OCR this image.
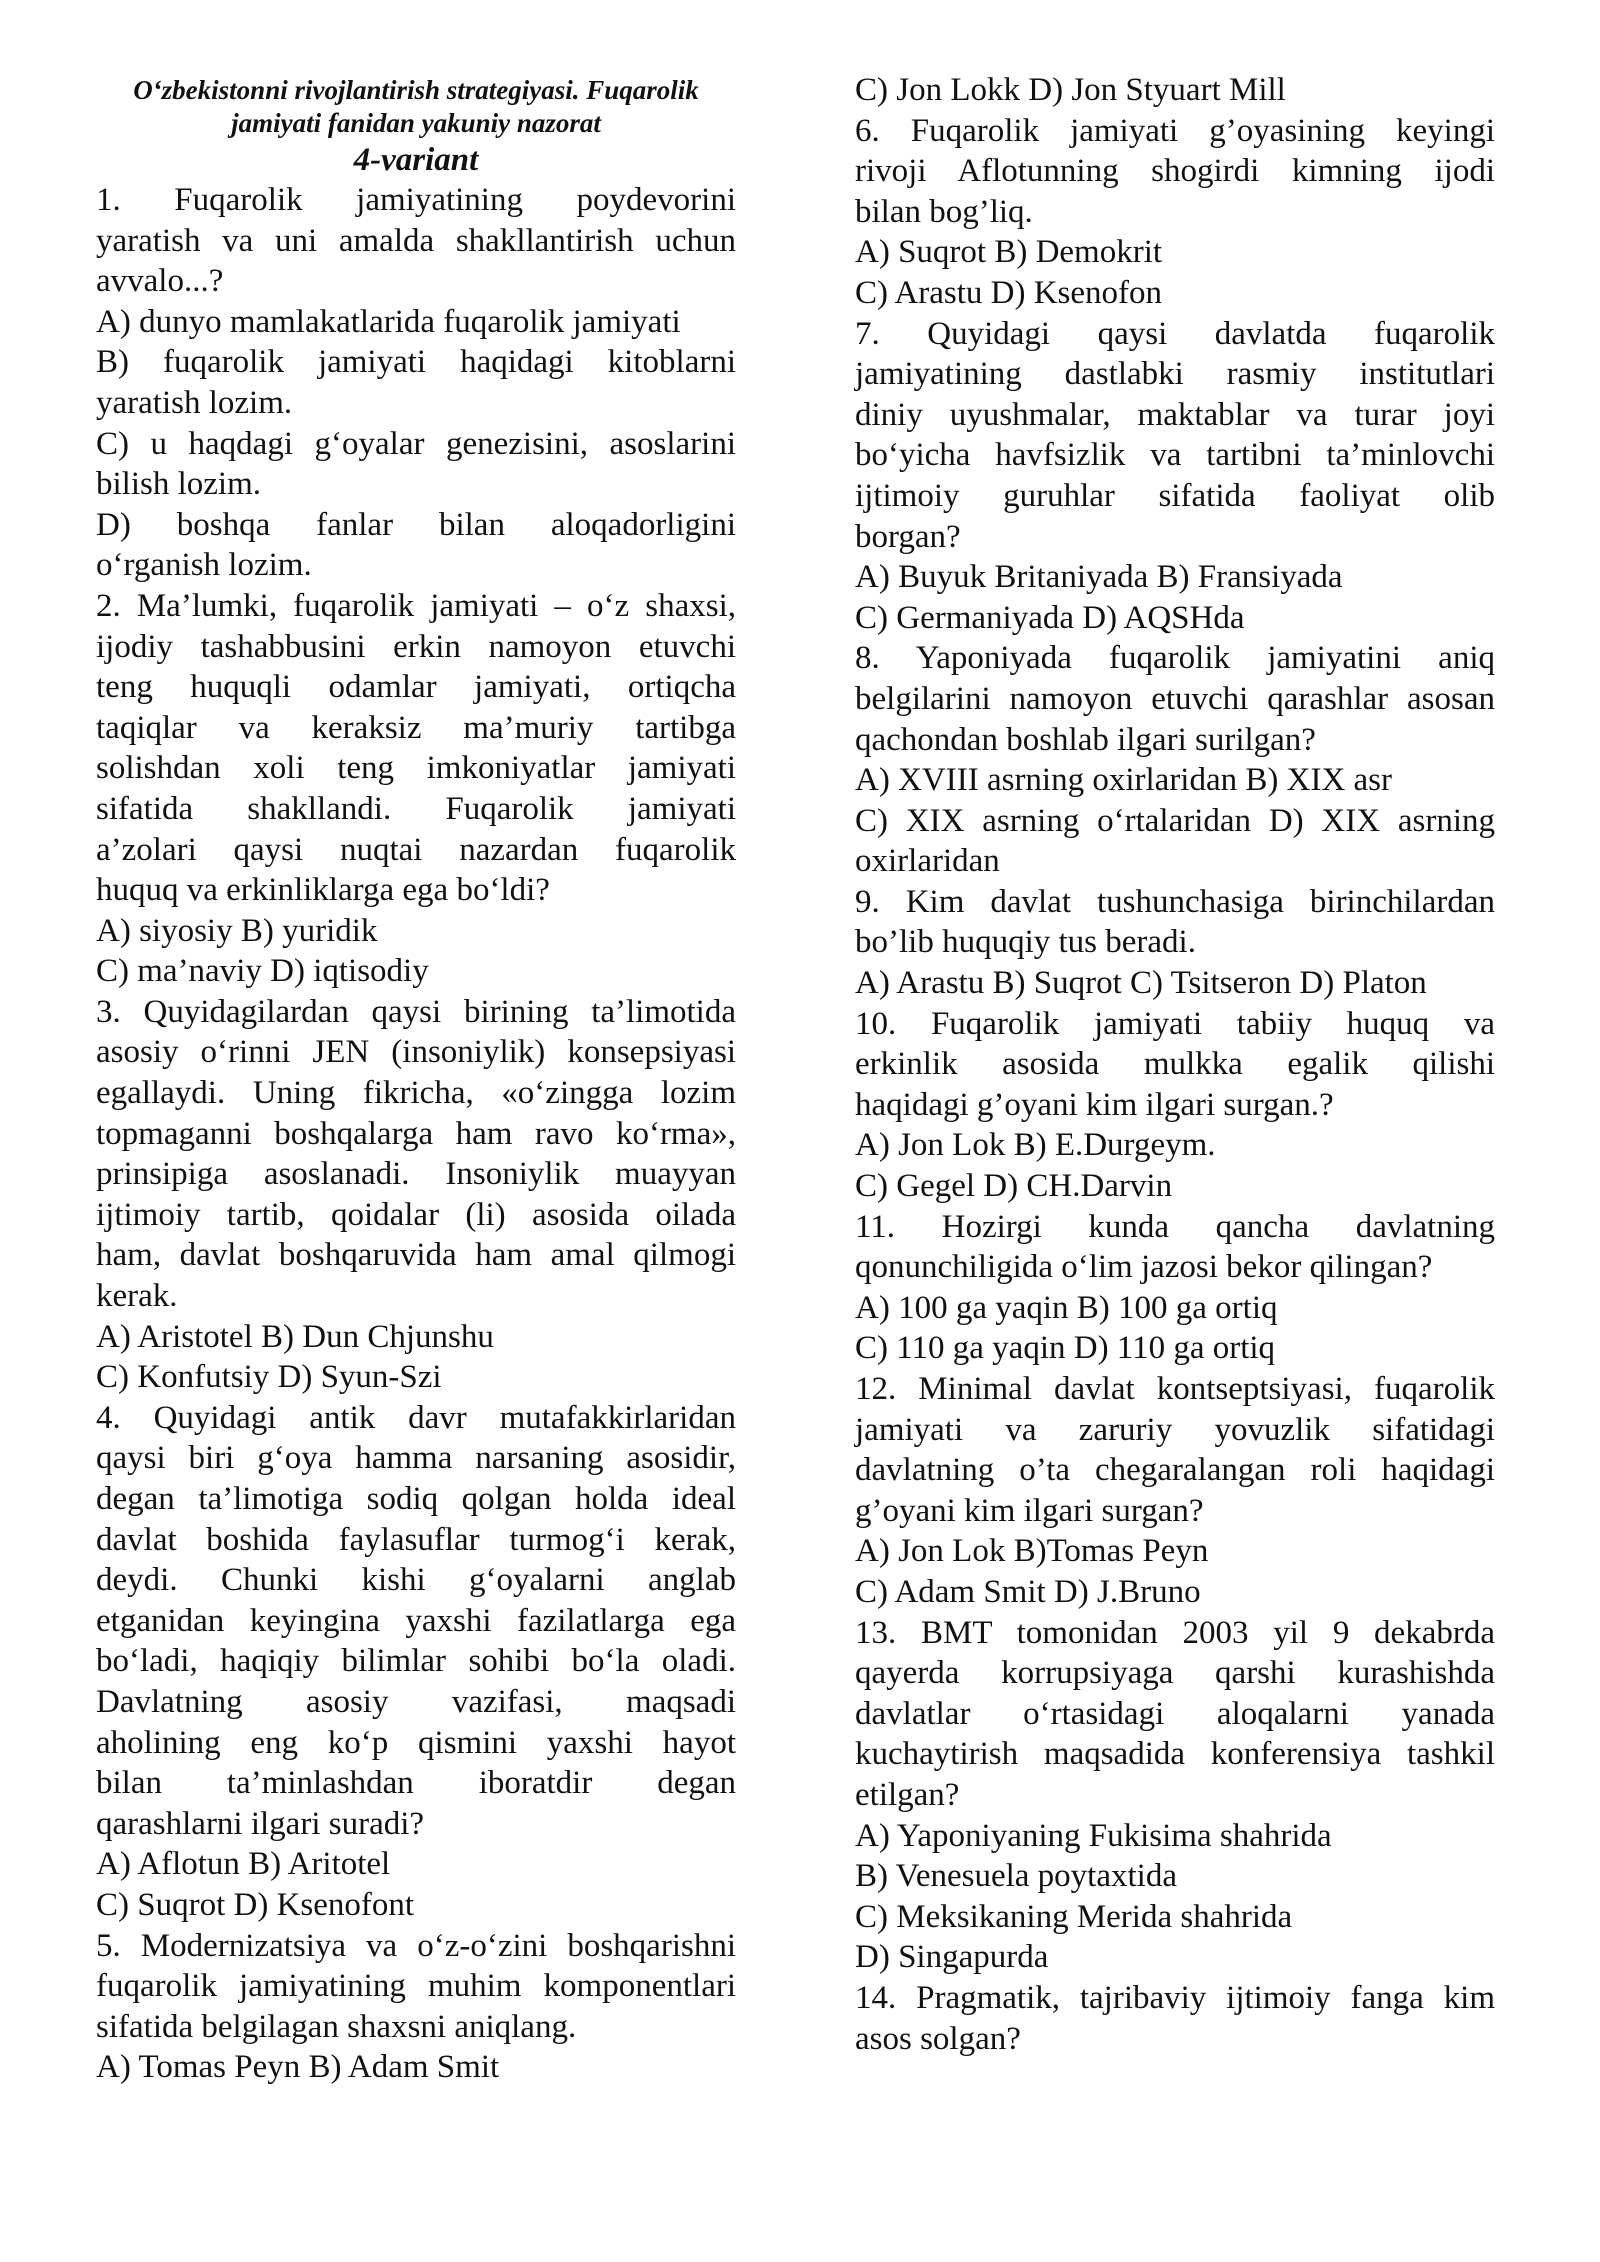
O‘zbekistonni rivojlantirish strategiyasi. Fuqarolik
jamiyati fanidan yakuniy nazorat
4-variant
1. Fuqarolik jamiyatining poydevorini
yaratish va uni amalda shakllantirish uchun
avvalo...?
A) dunyo mamlakatlarida fuqarolik jamiyati
B) fuqarolik jamiyati haqidagi kitoblarni
yaratish lozim.
C) u haqdagi g‘oyalar genezisini, asoslarini
bilish lozim.
D) boshqa fanlar bilan aloqadorligini
o‘rganish lozim.
2. Ma’lumki, fuqarolik jamiyati – o‘z shaxsi,
ijodiy tashabbusini erkin namoyon etuvchi
teng huquqli odamlar jamiyati, ortiqcha
taqiqlar va keraksiz ma’muriy tartibga
solishdan xoli teng imkoniyatlar jamiyati
sifatida shakllandi. Fuqarolik jamiyati
a’zolari qaysi nuqtai nazardan fuqarolik
huquq va erkinliklarga ega bo‘ldi?
A) siyosiy B) yuridik
C) ma’naviy D) iqtisodiy
3. Quyidagilardan qaysi birining ta’limotida
asosiy o‘rinni JEN (insoniylik) konsepsiyasi
egallaydi. Uning fikricha, «o‘zingga lozim
topmaganni boshqalarga ham ravo ko‘rma»,
prinsipiga asoslanadi. Insoniylik muayyan
ijtimoiy tartib, qoidalar (li) asosida oilada
ham, davlat boshqaruvida ham amal qilmogi
kerak.
A) Aristotel B) Dun Chjunshu
C) Konfutsiy D) Syun-Szi
4. Quyidagi antik davr mutafakkirlaridan
qaysi biri g‘oya hamma narsaning asosidir,
degan ta’limotiga sodiq qolgan holda ideal
davlat boshida faylasuflar turmog‘i kerak,
deydi. Chunki kishi g‘oyalarni anglab
etganidan keyingina yaxshi fazilatlarga ega
bo‘ladi, haqiqiy bilimlar sohibi bo‘la oladi.
Davlatning asosiy vazifasi, maqsadi
aholining eng ko‘p qismini yaxshi hayot
bilan ta’minlashdan iboratdir degan
qarashlarni ilgari suradi?
A) Aflotun B) Aritotel
C) Suqrot D) Ksenofont
5. Modernizatsiya va o‘z-o‘zini boshqarishni
fuqarolik jamiyatining muhim komponentlari
sifatida belgilagan shaxsni aniqlang.
A) Tomas Peyn B) Adam Smit
C) Jon Lokk D) Jon Styuart Mill
6. Fuqarolik jamiyati g’oyasining keyingi
rivoji Aflotunning shogirdi kimning ijodi
bilan bog’liq.
A) Suqrot B) Demokrit
C) Arastu D) Ksenofon
7. Quyidagi qaysi davlatda fuqarolik
jamiyatining dastlabki rasmiy institutlari
diniy uyushmalar, maktablar va turar joyi
bo‘yicha havfsizlik va tartibni ta’minlovchi
ijtimoiy guruhlar sifatida faoliyat olib
borgan?
A) Buyuk Britaniyada B) Fransiyada
C) Germaniyada D) AQSHda
8. Yaponiyada fuqarolik jamiyatini aniq
belgilarini namoyon etuvchi qarashlar asosan
qachondan boshlab ilgari surilgan?
A) XVIII asrning oxirlaridan B) XIX asr
C) XIX asrning o‘rtalaridan D) XIX asrning
oxirlaridan
9. Kim davlat tushunchasiga birinchilardan
bo’lib huquqiy tus beradi.
A) Arastu B) Suqrot C) Tsitseron D) Platon
10. Fuqarolik jamiyati tabiiy huquq va
erkinlik asosida mulkka egalik qilishi
haqidagi g’oyani kim ilgari surgan.?
A) Jon Lok B) E.Durgeym.
C) Gegel D) CH.Darvin
11. Hozirgi kunda qancha davlatning
qonunchiligida o‘lim jazosi bekor qilingan?
A) 100 ga yaqin B) 100 ga ortiq
C) 110 ga yaqin D) 110 ga ortiq
12. Minimal davlat kontseptsiyasi, fuqarolik
jamiyati va zaruriy yovuzlik sifatidagi
davlatning o’ta chegaralangan roli haqidagi
g’oyani kim ilgari surgan?
A) Jon Lok B)Tomas Peyn
C) Adam Smit D) J.Bruno
13. BMT tomonidan 2003 yil 9 dekabrda
qayerda korrupsiyaga qarshi kurashishda
davlatlar o‘rtasidagi aloqalarni yanada
kuchaytirish maqsadida konferensiya tashkil
etilgan?
A) Yaponiyaning Fukisima shahrida
B) Venesuela poytaxtida
C) Meksikaning Merida shahrida
D) Singapurda
14. Pragmatik, tajribaviy ijtimoiy fanga kim
asos solgan?
